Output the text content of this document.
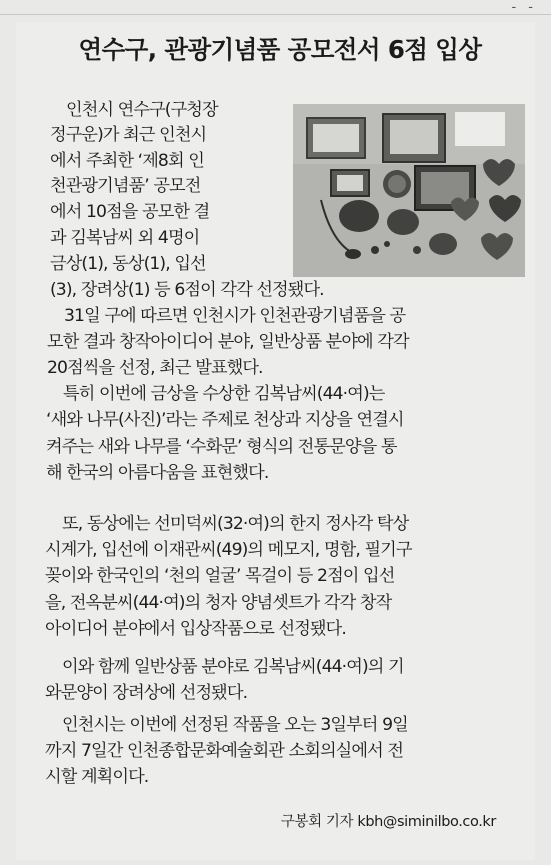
- -
연수구, 관광기념품 공모전서 6점 입상

인천시 연수구(구청장

정구운)가 최근 인천시

에서 주최한 ‘제8회 인

천관광기념품’ 공모전

에서 10점을 공모한 결

과 김복남씨 외 4명이

금상(1), 동상(1), 입선

(3), 장려상(1) 등 6점이 각각 선정됐다.

31일 구에 따르면 인천시가 인천관광기념품을 공

모한 결과 창작아이디어 분야, 일반상품 분야에 각각

20점씩을 선정, 최근 발표했다.

특히 이번에 금상을 수상한 김복남씨(44·여)는

‘새와 나무(사진)’라는 주제로 천상과 지상을 연결시

켜주는 새와 나무를 ‘수화문’ 형식의 전통문양을 통

해 한국의 아름다움을 표현했다.

또, 동상에는 선미덕씨(32·여)의 한지 정사각 탁상

시계가, 입선에 이재관씨(49)의 메모지, 명함, 필기구

꽂이와 한국인의 ‘천의 얼굴’ 목걸이 등 2점이 입선

을, 전옥분씨(44·여)의 청자 양념셋트가 각각 창작

아이디어 분야에서 입상작품으로 선정됐다.

이와 함께 일반상품 분야로 김복남씨(44·여)의 기

와문양이 장려상에 선정됐다.

인천시는 이번에 선정된 작품을 오는 3일부터 9일

까지 7일간 인천종합문화예술회관 소회의실에서 전

시할 계획이다.

구봉회 기자 kbh@siminilbo.co.kr
